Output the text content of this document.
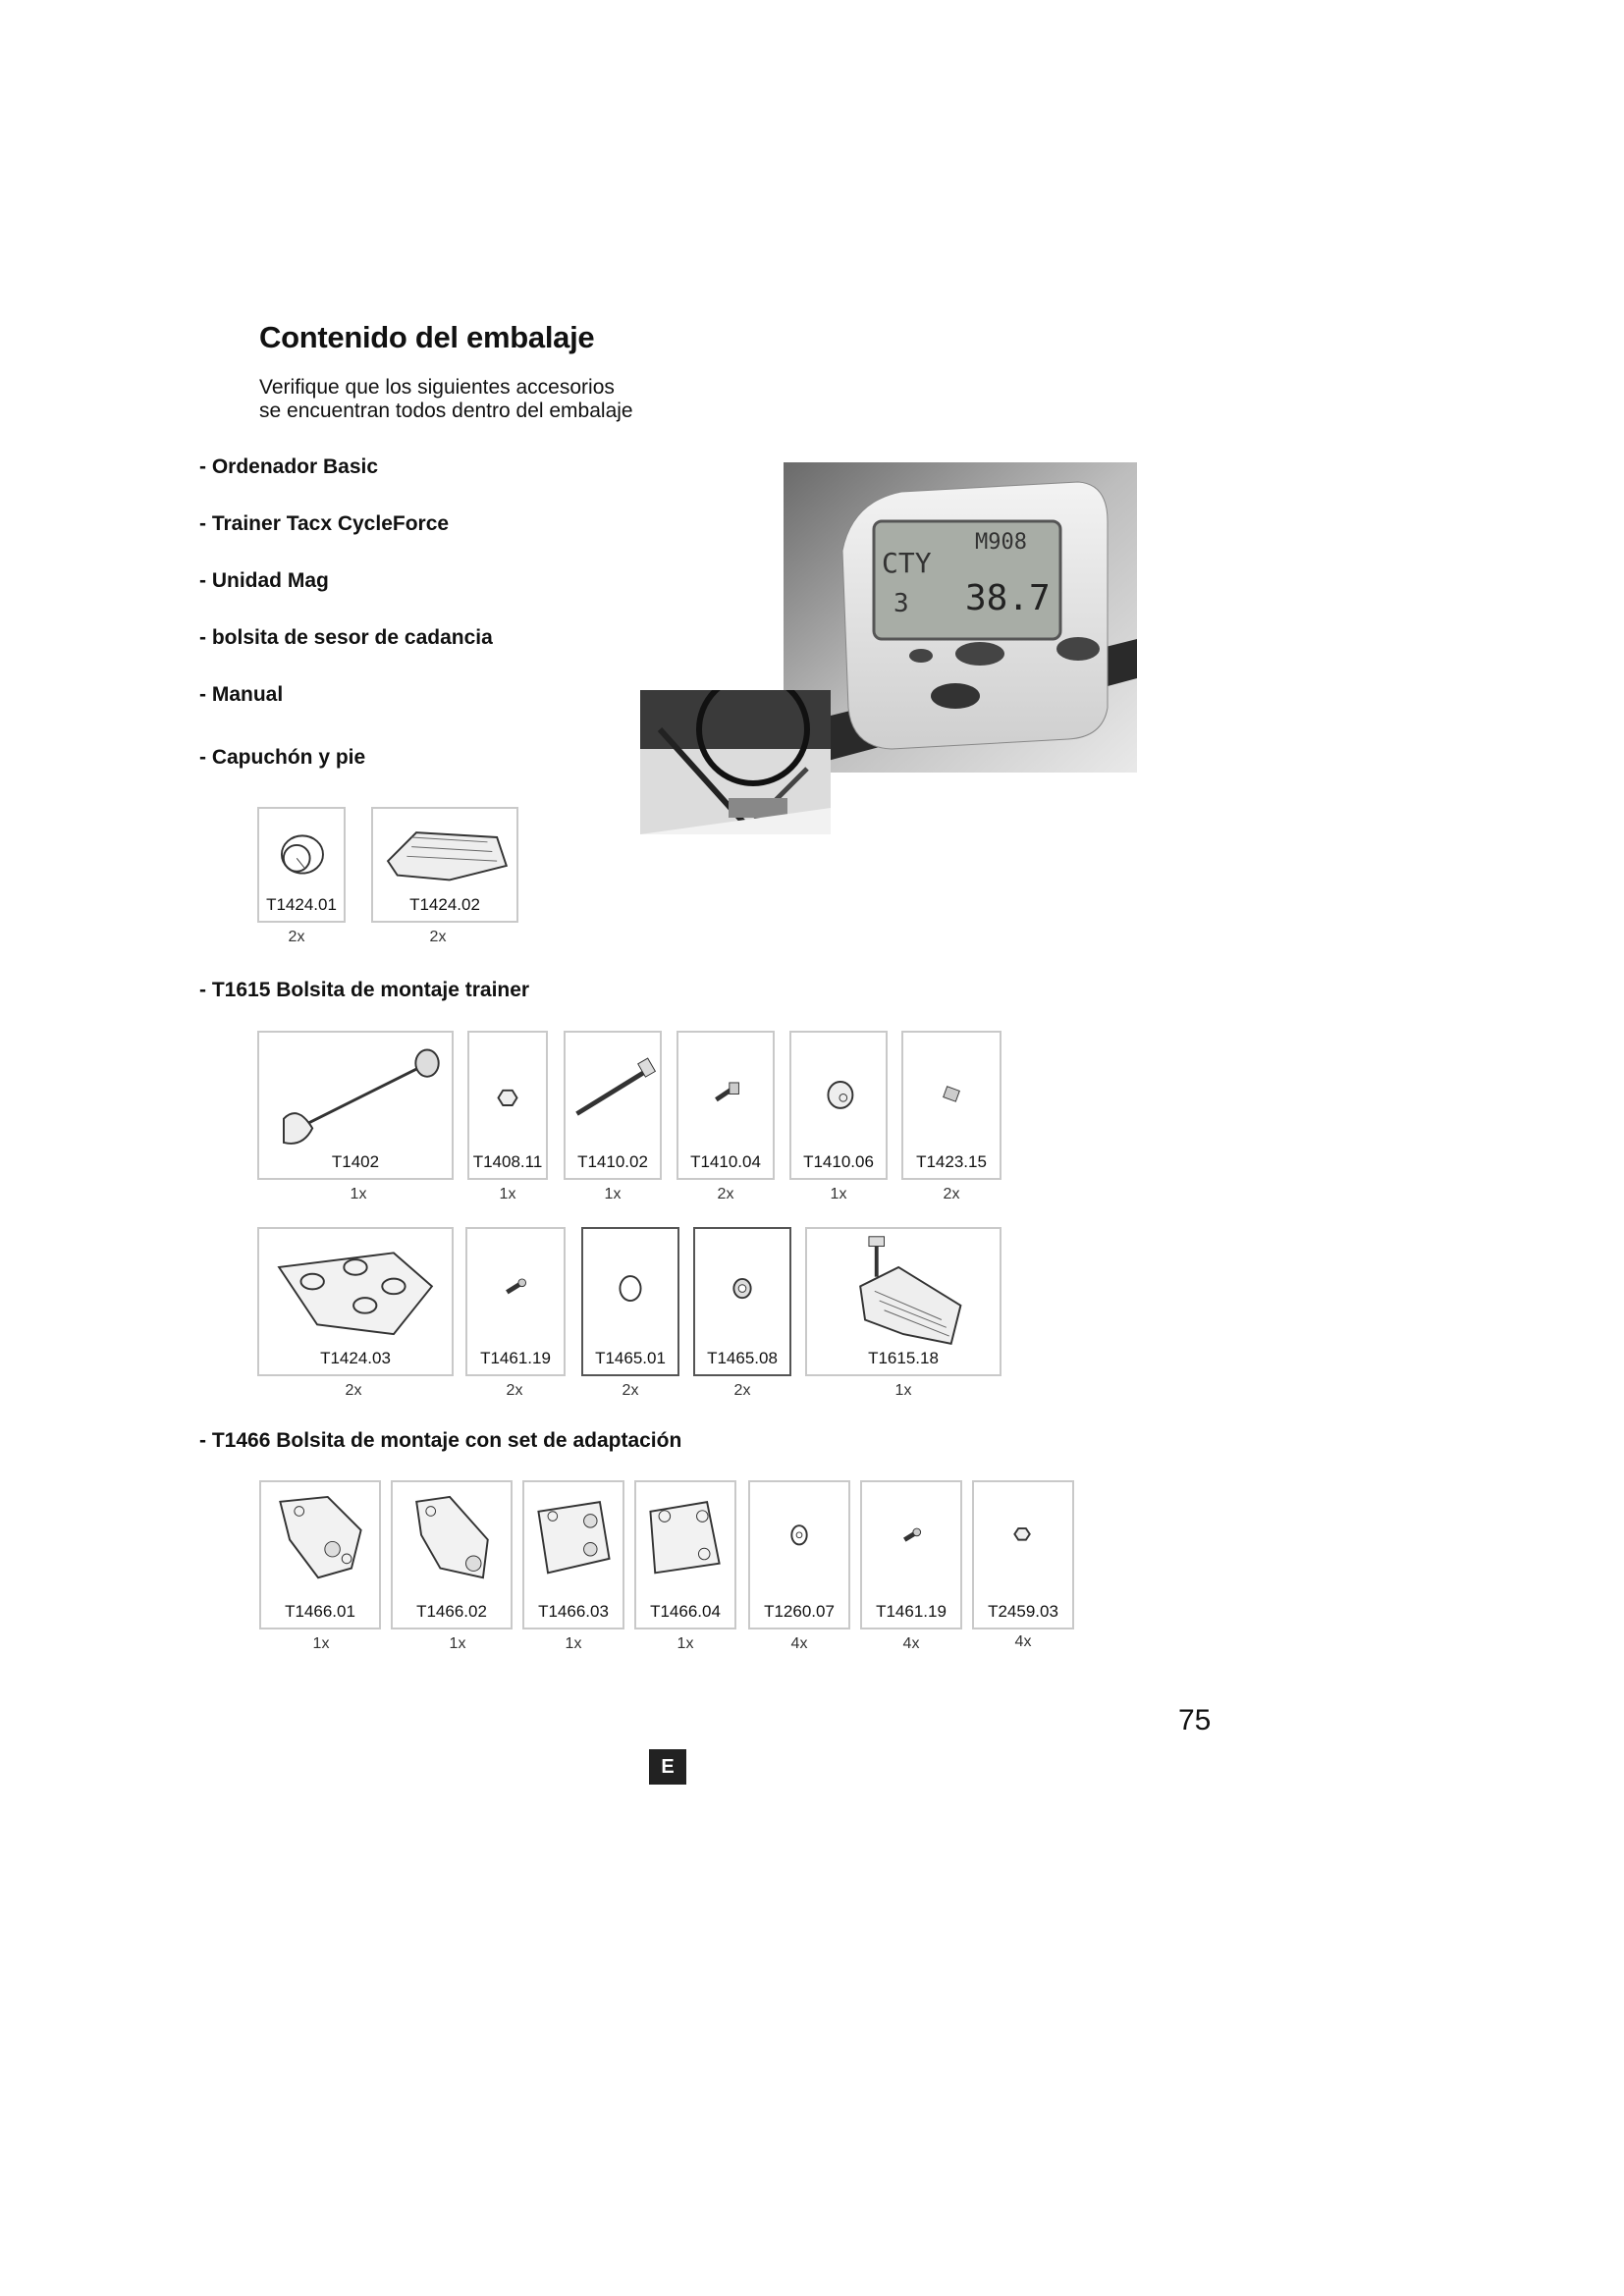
Contenido del embalaje
Verifique que los siguientes accesorios
se encuentran todos dentro del embalaje
- Ordenador Basic
- Trainer Tacx CycleForce
- Unidad Mag
- bolsita de sesor de cadancia
- Manual
- Capuchón y pie
CTY
M908
38.7
3
T1424.01
2x
T1424.02
2x
- T1615 Bolsita de montaje trainer
T1402
1x
T1408.11
1x
T1410.02
1x
T1410.04
2x
T1410.06
1x
T1423.15
2x
T1424.03
2x
T1461.19
2x
T1465.01
2x
T1465.08
2x
T1615.18
1x
- T1466 Bolsita de montaje con set de adaptación
T1466.01
1x
T1466.02
1x
T1466.03
1x
T1466.04
1x
T1260.07
4x
T1461.19
4x
T2459.03
4x
75
E
